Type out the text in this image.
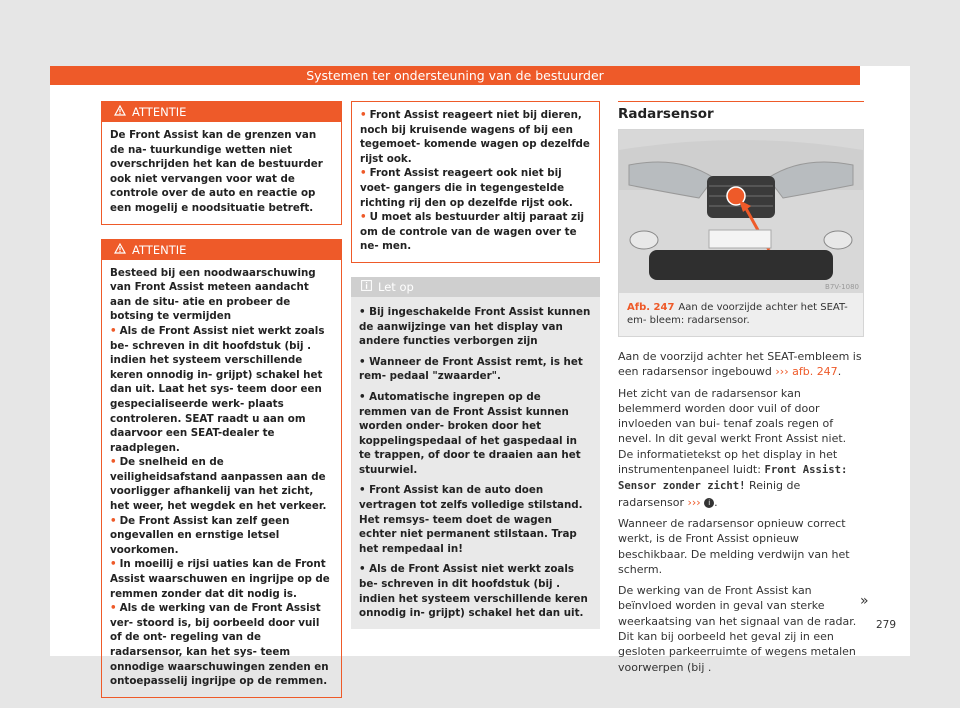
Systemen ter ondersteuning van de bestuurder
ATTENTIE

De Front Assist kan de grenzen van de na- tuurkundige wetten niet overschrijden het kan de bestuurder ook niet vervangen voor wat de controle over de auto en reactie op een mogelij e noodsituatie betreft.

ATTENTIE

Besteed bij een noodwaarschuwing van Front Assist meteen aandacht aan de situ- atie en probeer de botsing te vermijden

• Als de Front Assist niet werkt zoals be- schreven in dit hoofdstuk (bij . indien het systeem verschillende keren onnodig in- grijpt) schakel het dan uit. Laat het sys- teem door een gespecialiseerde werk- plaats controleren. SEAT raadt u aan om daarvoor een SEAT-dealer te raadplegen.

• De snelheid en de veiligheidsafstand aanpassen aan de voorligger afhankelij van het zicht, het weer, het wegdek en het verkeer.

• De Front Assist kan zelf geen ongevallen en ernstige letsel voorkomen.

• In moeilij e rijsi uaties kan de Front Assist waarschuwen en ingrijpe op de remmen zonder dat dit nodig is.

• Als de werking van de Front Assist ver- stoord is, bij oorbeeld door vuil of de ont- regeling van de radarsensor, kan het sys- teem onnodige waarschuwingen zenden en ontoepasselij ingrijpe op de remmen.

• Front Assist reageert niet bij dieren, noch bij kruisende wagens of bij een tegemoet- komende wagen op dezelfde rijst ook.

• Front Assist reageert ook niet bij voet- gangers die in tegengestelde richting rij den op dezelfde rijst ook.

• U moet als bestuurder altij paraat zij om de controle van de wagen over te ne- men.

Let op

• Bij ingeschakelde Front Assist kunnen de aanwijzinge van het display van andere functies verborgen zijn

• Wanneer de Front Assist remt, is het rem- pedaal "zwaarder".

• Automatische ingrepen op de remmen van de Front Assist kunnen worden onder- broken door het koppelingspedaal of het gaspedaal in te trappen, of door te draaien aan het stuurwiel.

• Front Assist kan de auto doen vertragen tot zelfs volledige stilstand. Het remsys- teem doet de wagen echter niet permanent stilstaan. Trap het rempedaal in!

• Als de Front Assist niet werkt zoals be- schreven in dit hoofdstuk (bij . indien het systeem verschillende keren onnodig in- grijpt) schakel het dan uit.

Radarsensor
B7V-1080
Afb. 247 Aan de voorzijde achter het SEAT-em- bleem: radarsensor.

Aan de voorzijd achter het SEAT-embleem is een radarsensor ingebouwd ››› afb. 247.

Het zicht van de radarsensor kan belemmerd worden door vuil of door invloeden van bui- tenaf zoals regen of nevel. In dit geval werkt Front Assist niet. De informatietekst op het display in het instrumentenpaneel luidt: Front Assist: Sensor zonder zicht! Reinig de radarsensor ››› i .

Wanneer de radarsensor opnieuw correct werkt, is de Front Assist opnieuw beschikbaar. De melding verdwijn van het scherm.

De werking van de Front Assist kan beïnvloed worden in geval van sterke weerkaatsing van het signaal van de radar. Dit kan bij oorbeeld het geval zij in een gesloten parkeerruimte of wegens metalen voorwerpen (bij .

»
279
